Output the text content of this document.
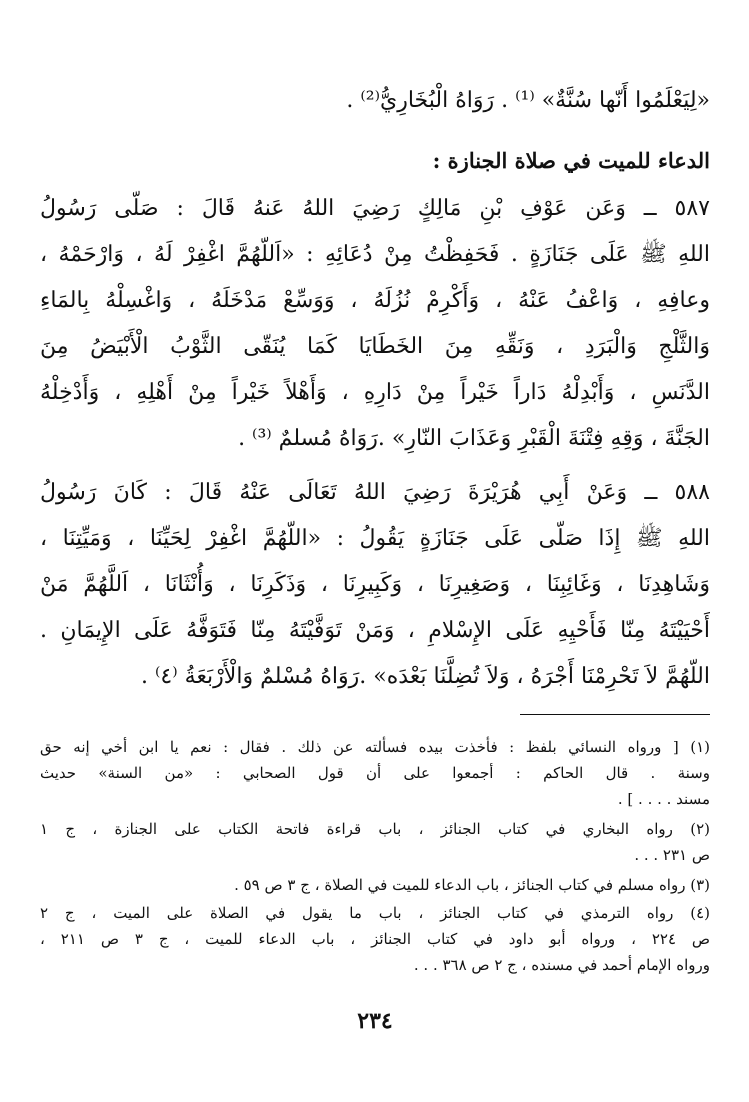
«لِيَعْلَمُوا أَنّها سُنَّةٌ» ⁽¹⁾ . رَوَاهُ الْبُخَارِيُّ⁽²⁾ .
الدعاء للميت في صلاة الجنازة :
٥٨٧ ــ وَعَن عَوْفِ بْنِ مَالِكٍ رَضِيَ اللهُ عَنهُ قَالَ : صَلّى رَسُولُ
اللهِ ﷺ عَلَى جَنَازَةٍ . فَحَفِظْتُ مِنْ دُعَائِهِ : «اَللّهُمَّ اغْفِرْ لَهُ ، وَارْحَمْهُ ،
وعافِهِ ، وَاعْفُ عَنْهُ ، وَأَكْرِمْ نُزُلَهُ ، وَوَسِّعْ مَدْخَلَهُ ، وَاغْسِلْهُ بِالمَاءِ
وَالثَّلْجِ وَالْبَرَدِ ، وَنَقِّهِ مِنَ الخَطَايَا كَمَا يُنَقّى الثَّوْبُ الْأَبْيَضُ مِنَ
الدَّنَسِ ، وَأَبْدِلْهُ دَاراً خَيْراً مِنْ دَارِهِ ، وَأَهْلاً خَيْراً مِنْ أَهْلِهِ ، وَأَدْخِلْهُ
الجَنَّةَ ، وَقِهِ فِتْنَةَ الْقَبْرِ وَعَذَابَ النّارِ» .رَوَاهُ مُسلمٌ ⁽³⁾ .
٥٨٨ ــ وَعَنْ أَبِي هُرَيْرَةَ رَضِيَ اللهُ تَعَالَى عَنْهُ قَالَ : كَانَ رَسُولُ
اللهِ ﷺ إِذَا صَلّى عَلَى جَنَازَةٍ يَقُولُ : «اللّهُمَّ اغْفِرْ لِحَيِّنَا ، وَمَيِّتِنَا ،
وَشَاهِدِنَا ، وَغَائِبِنَا ، وَصَغِيرِنَا ، وَكَبِيرِنَا ، وَذَكَرِنَا ، وَأُنْثَانَا ، اَللَّهُمَّ مَنْ
أَحْيَيْتَهُ مِنّا فَأَحْيِهِ عَلَى الإِسْلامِ ، وَمَنْ تَوَفَّيْتَهُ مِنّا فَتَوَفَّهُ عَلَى الإِيمَانِ .
اللّهُمَّ لاَ تَحْرِمْنَا أَجْرَهُ ، وَلاَ تُضِلَّنَا بَعْدَه» .رَوَاهُ مُسْلمٌ وَالْأَرْبَعَةُ ⁽٤⁾ .
(١) [ ورواه النسائي بلفظ : فأخذت بيده فسألته عن ذلك . فقال : نعم يا ابن أخي إنه حق
وسنة . قال الحاكم : أجمعوا على أن قول الصحابي : «من السنة» حديث
مسند . . . . ] .
(٢) رواه البخاري في كتاب الجنائز ، باب قراءة فاتحة الكتاب على الجنازة ، ج ١
ص ٢٣١ . . .
(٣) رواه مسلم في كتاب الجنائز ، باب الدعاء للميت في الصلاة ، ج ٣ ص ٥٩ .
(٤) رواه الترمذي في كتاب الجنائز ، باب ما يقول في الصلاة على الميت ، ج ٢
ص ٢٢٤ ، ورواه أبو داود في كتاب الجنائز ، باب الدعاء للميت ، ج ٣ ص ٢١١ ،
ورواه الإمام أحمد في مسنده ، ج ٢ ص ٣٦٨ . . .
٢٣٤
